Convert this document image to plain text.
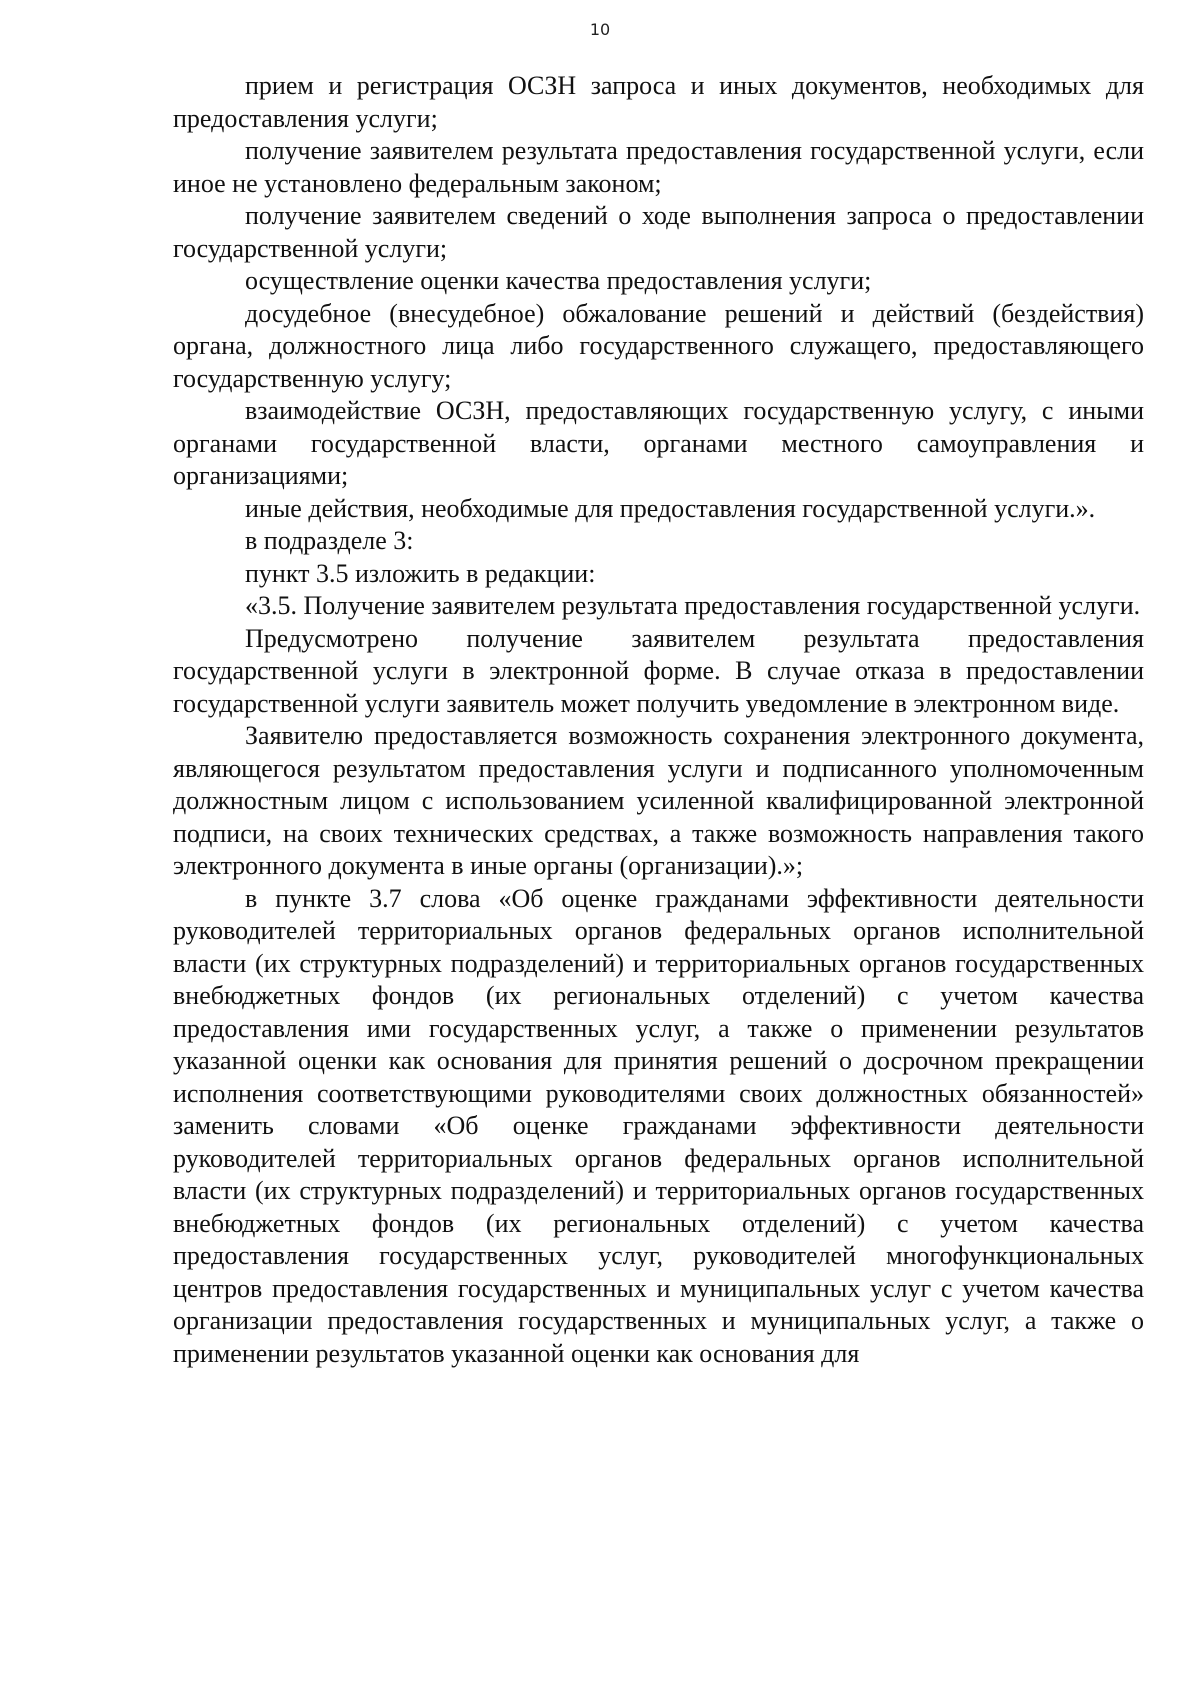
10

прием и регистрация ОСЗН запроса и иных документов, необходимых для предоставления услуги;

получение заявителем результата предоставления государственной услуги, если иное не установлено федеральным законом;

получение заявителем сведений о ходе выполнения запроса о предоставлении государственной услуги;

осуществление оценки качества предоставления услуги;

досудебное (внесудебное) обжалование решений и действий (бездействия) органа, должностного лица либо государственного служащего, предоставляющего государственную услугу;

взаимодействие ОСЗН, предоставляющих государственную услугу, с иными органами государственной власти, органами местного самоуправления и организациями;

иные действия, необходимые для предоставления государственной услуги.».

в подразделе 3:

пункт 3.5 изложить в редакции:

«3.5. Получение заявителем результата предоставления государственной услуги.

Предусмотрено получение заявителем результата предоставления государственной услуги в электронной форме. В случае отказа в предоставлении государственной услуги заявитель может получить уведомление в электронном виде.

Заявителю предоставляется возможность сохранения электронного документа, являющегося результатом предоставления услуги и подписанного уполномоченным должностным лицом с использованием усиленной квалифицированной электронной подписи, на своих технических средствах, а также возможность направления такого электронного документа в иные органы (организации).»;

в пункте 3.7 слова «Об оценке гражданами эффективности деятельности руководителей территориальных органов федеральных органов исполнительной власти (их структурных подразделений) и территориальных органов государственных внебюджетных фондов (их региональных отделений) с учетом качества предоставления ими государственных услуг, а также о применении результатов указанной оценки как основания для принятия решений о досрочном прекращении исполнения соответствующими руководителями своих должностных обязанностей» заменить словами «Об оценке гражданами эффективности деятельности руководителей территориальных органов федеральных органов исполнительной власти (их структурных подразделений) и территориальных органов государственных внебюджетных фондов (их региональных отделений) с учетом качества предоставления государственных услуг, руководителей многофункциональных центров предоставления государственных и муниципальных услуг с учетом качества организации предоставления государственных и муниципальных услуг, а также о применении результатов указанной оценки как основания для
